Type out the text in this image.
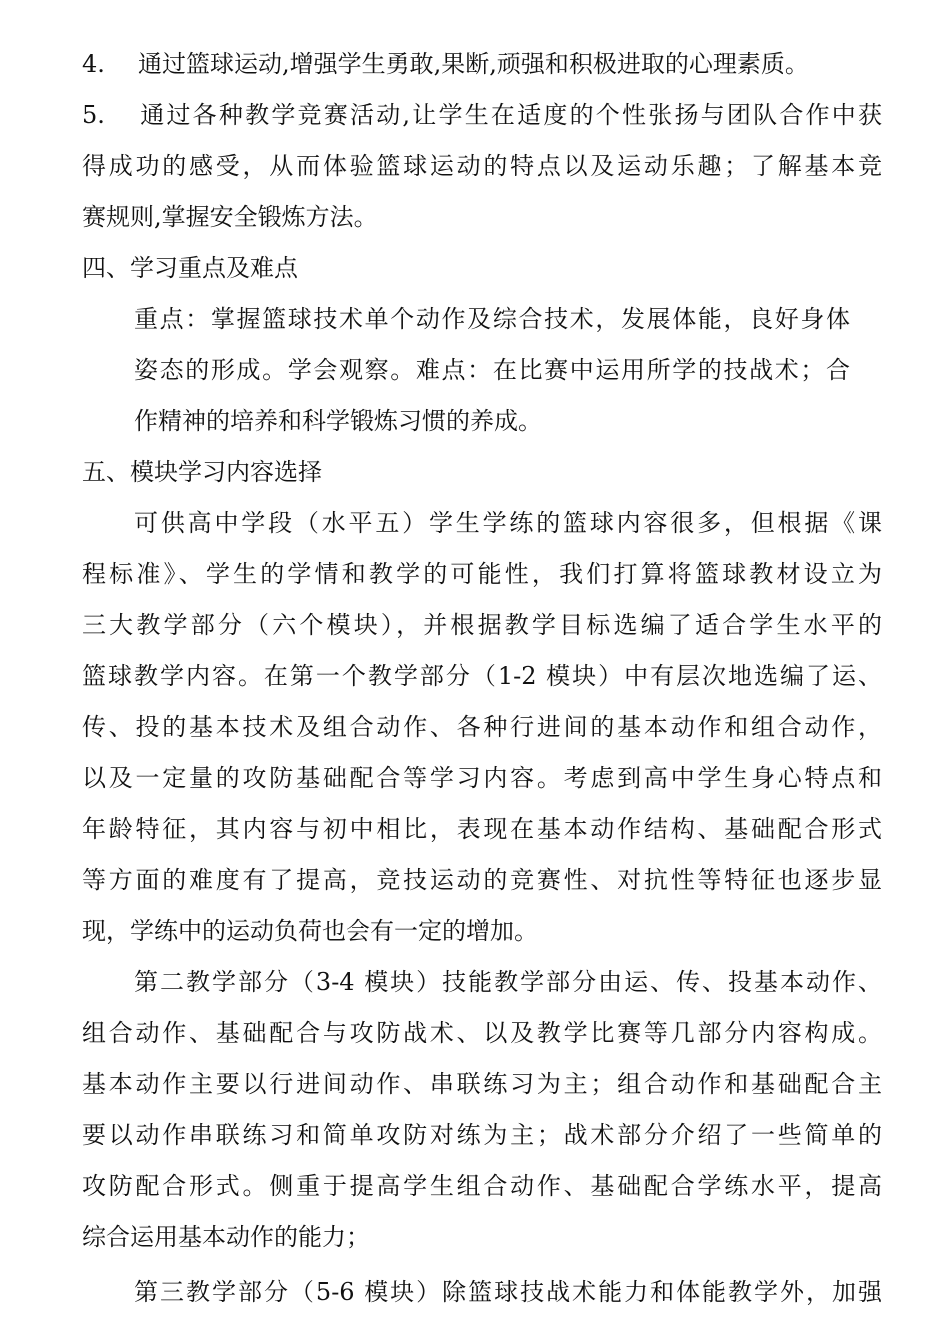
4. 通过篮球运动,增强学生勇敢,果断,顽强和积极进取的心理素质。
5. 通过各种教学竞赛活动,让学生在适度的个性张扬与团队合作中获
得成功的感受，从而体验篮球运动的特点以及运动乐趣；了解基本竞
赛规则,掌握安全锻炼方法。
四、学习重点及难点
重点：掌握篮球技术单个动作及综合技术，发展体能，良好身体
姿态的形成。学会观察。难点：在比赛中运用所学的技战术；合
作精神的培养和科学锻炼习惯的养成。
五、模块学习内容选择
可供高中学段（水平五）学生学练的篮球内容很多，但根据《课
程标准》、学生的学情和教学的可能性，我们打算将篮球教材设立为
三大教学部分（六个模块），并根据教学目标选编了适合学生水平的
篮球教学内容。在第一个教学部分（1-2 模块）中有层次地选编了运、
传、投的基本技术及组合动作、各种行进间的基本动作和组合动作，
以及一定量的攻防基础配合等学习内容。考虑到高中学生身心特点和
年龄特征，其内容与初中相比，表现在基本动作结构、基础配合形式
等方面的难度有了提高，竞技运动的竞赛性、对抗性等特征也逐步显
现，学练中的运动负荷也会有一定的增加。
第二教学部分（3-4 模块）技能教学部分由运、传、投基本动作、
组合动作、基础配合与攻防战术、以及教学比赛等几部分内容构成。
基本动作主要以行进间动作、串联练习为主；组合动作和基础配合主
要以动作串联练习和简单攻防对练为主；战术部分介绍了一些简单的
攻防配合形式。侧重于提高学生组合动作、基础配合学练水平，提高
综合运用基本动作的能力；
第三教学部分（5-6 模块）除篮球技战术能力和体能教学外，加强
